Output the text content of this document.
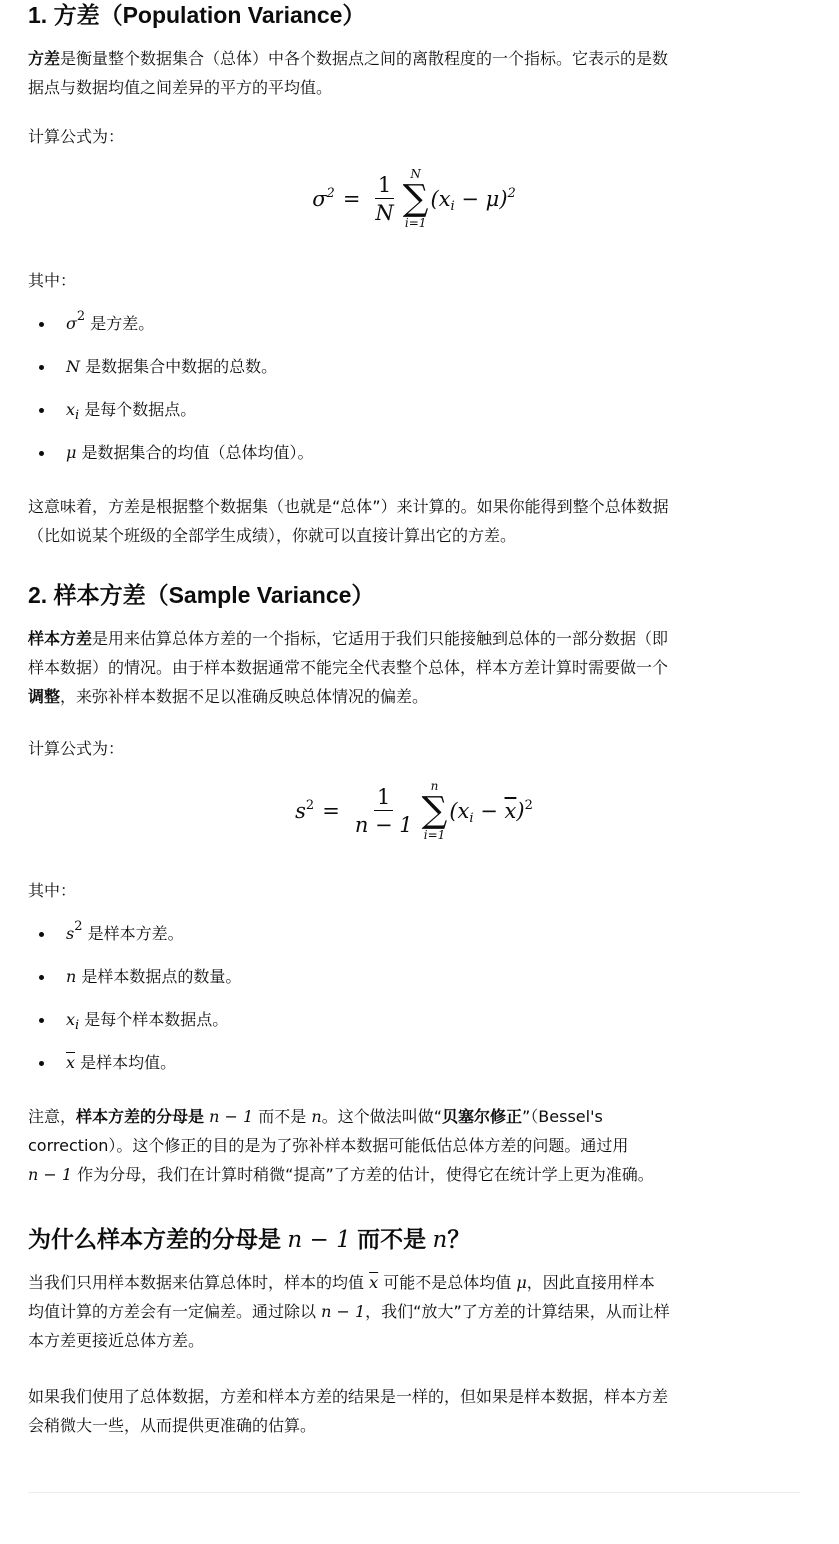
1. 方差（Population Variance）

方差是衡量整个数据集合（总体）中各个数据点之间的离散程度的一个指标。它表示的是数
据点与数据均值之间差异的平方的平均值。

计算公式为：

$\sigma^2 = \frac{1}{N}$ N
∑
i=1
$(x_i - \mu)^2$

其中：

$\sigma^2$ 是方差。
N 是数据集合中数据的总数。
$x_i$ 是每个数据点。
μ 是数据集合的均值（总体均值）。

这意味着，方差是根据整个数据集（也就是“总体”）来计算的。如果你能得到整个总体数据
（比如说某个班级的全部学生成绩），你就可以直接计算出它的方差。

2. 样本方差（Sample Variance）

样本方差是用来估算总体方差的一个指标，它适用于我们只能接触到总体的一部分数据（即
样本数据）的情况。由于样本数据通常不能完全代表整个总体，样本方差计算时需要做一个
调整，来弥补样本数据不足以准确反映总体情况的偏差。

计算公式为：

$s^2 = \frac{1}{n - 1}$ n
∑
i=1
$(x_i - \overline{x})^2$

其中：

$s^2$ 是样本方差。
n 是样本数据点的数量。
$x_i$ 是每个样本数据点。
$\overline{x}$ 是样本均值。

注意，样本方差的分母是 n − 1 而不是 n。这个做法叫做“贝塞尔修正”（Bessel's
correction）。这个修正的目的是为了弥补样本数据可能低估总体方差的问题。通过用
n − 1 作为分母，我们在计算时稍微“提高”了方差的估计，使得它在统计学上更为准确。

为什么样本方差的分母是 n − 1 而不是 n？

当我们只用样本数据来估算总体时，样本的均值 $\overline{x}$ 可能不是总体均值 μ，因此直接用样本
均值计算的方差会有一定偏差。通过除以 n − 1，我们“放大”了方差的计算结果，从而让样
本方差更接近总体方差。

如果我们使用了总体数据，方差和样本方差的结果是一样的，但如果是样本数据，样本方差
会稍微大一些，从而提供更准确的估算。
